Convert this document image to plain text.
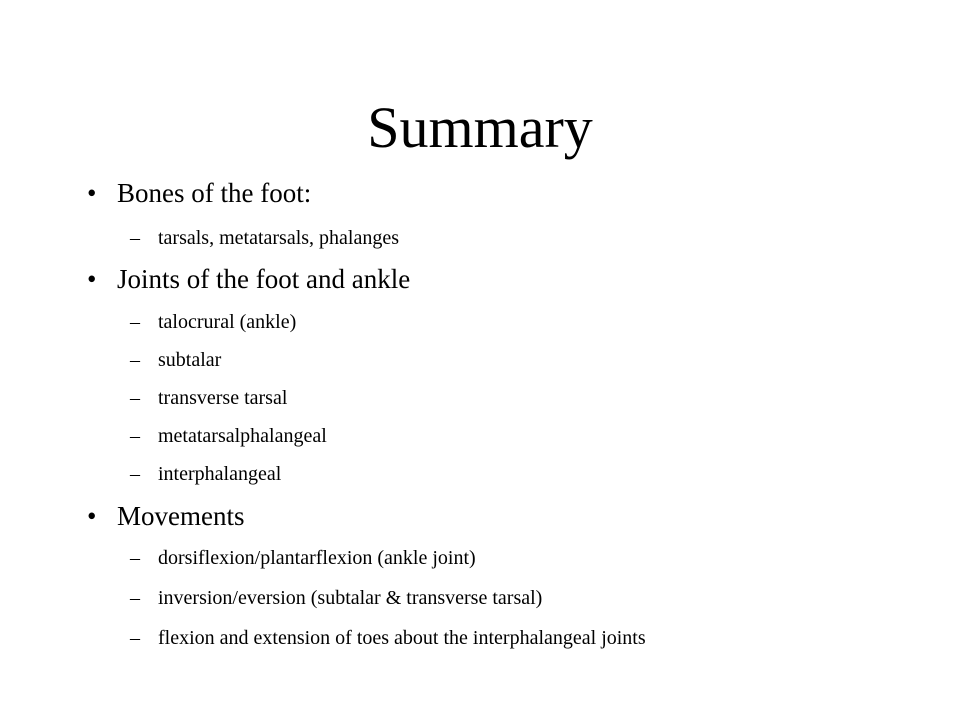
Summary
• Bones of the foot:
– tarsals, metatarsals, phalanges
• Joints of the foot and ankle
– talocrural (ankle)
– subtalar
– transverse tarsal
– metatarsalphalangeal
– interphalangeal
• Movements
– dorsiflexion/plantarflexion (ankle joint)
– inversion/eversion (subtalar & transverse tarsal)
– flexion and extension of toes about the interphalangeal joints
